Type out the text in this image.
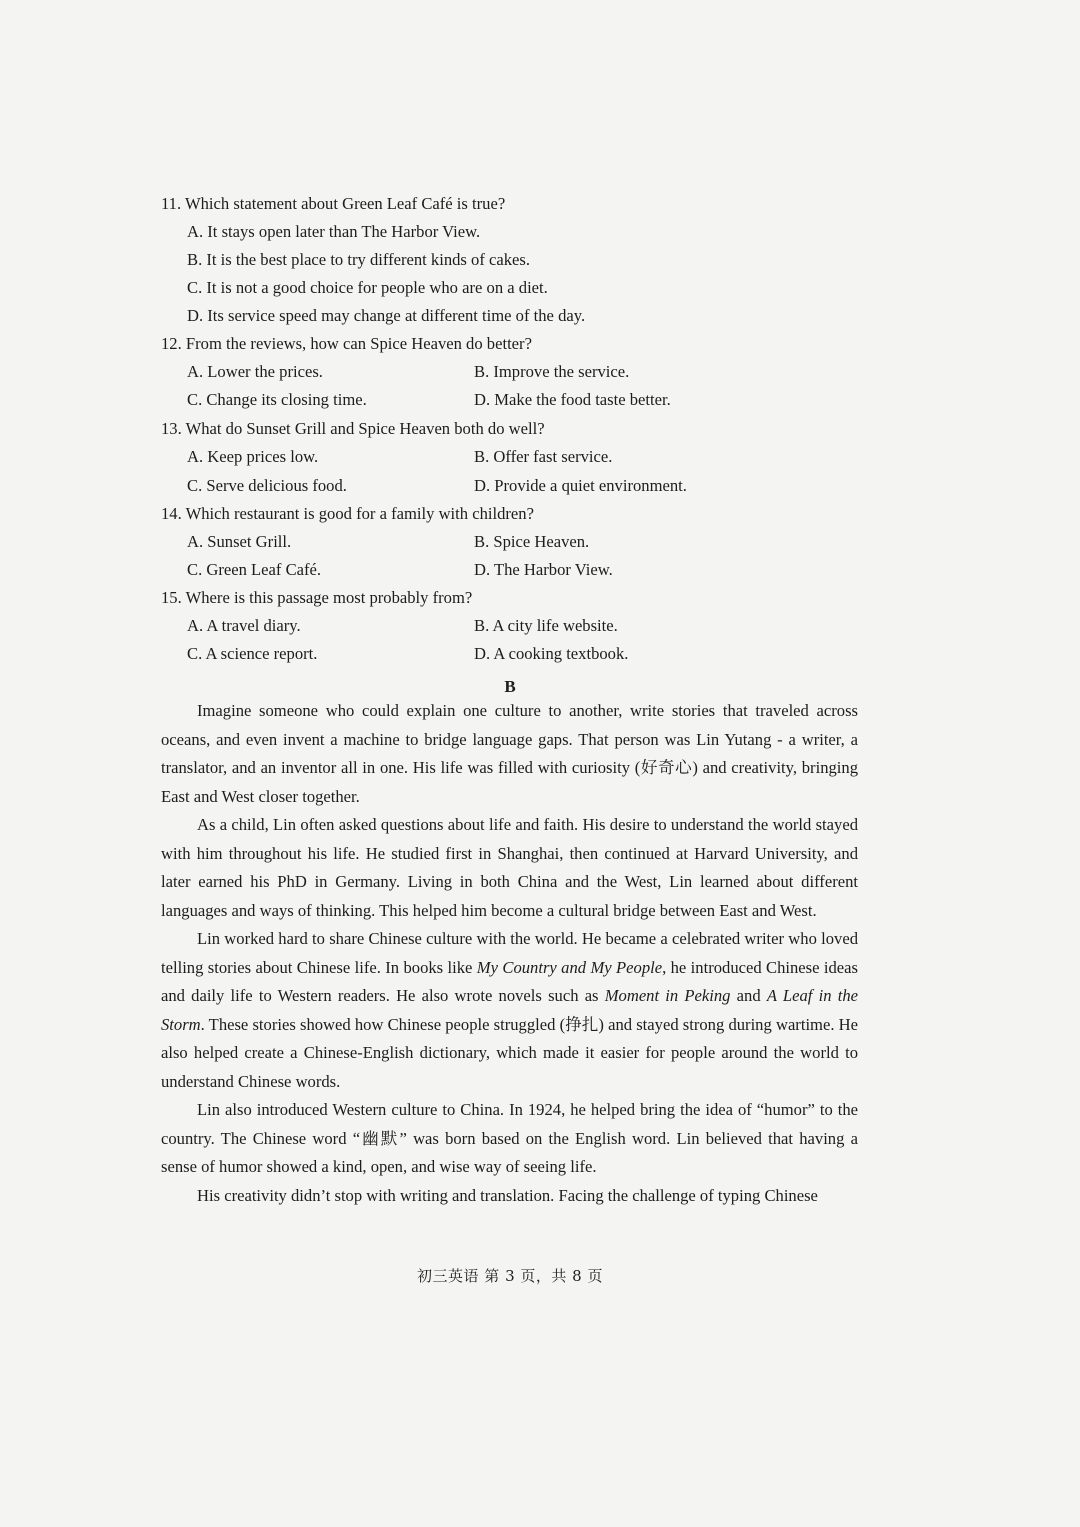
11. Which statement about Green Leaf Café is true?
A. It stays open later than The Harbor View.
B. It is the best place to try different kinds of cakes.
C. It is not a good choice for people who are on a diet.
D. Its service speed may change at different time of the day.
12. From the reviews, how can Spice Heaven do better?
A. Lower the prices.	B. Improve the service.
C. Change its closing time.	D. Make the food taste better.
13. What do Sunset Grill and Spice Heaven both do well?
A. Keep prices low.	B. Offer fast service.
C. Serve delicious food.	D. Provide a quiet environment.
14. Which restaurant is good for a family with children?
A. Sunset Grill.	B. Spice Heaven.
C. Green Leaf Café.	D. The Harbor View.
15. Where is this passage most probably from?
A. A travel diary.	B. A city life website.
C. A science report.	D. A cooking textbook.
B

Imagine someone who could explain one culture to another, write stories that traveled across oceans, and even invent a machine to bridge language gaps. That person was Lin Yutang - a writer, a translator, and an inventor all in one. His life was filled with curiosity (好奇心) and creativity, bringing East and West closer together.

As a child, Lin often asked questions about life and faith. His desire to understand the world stayed with him throughout his life. He studied first in Shanghai, then continued at Harvard University, and later earned his PhD in Germany. Living in both China and the West, Lin learned about different languages and ways of thinking. This helped him become a cultural bridge between East and West.

Lin worked hard to share Chinese culture with the world. He became a celebrated writer who loved telling stories about Chinese life. In books like My Country and My People, he introduced Chinese ideas and daily life to Western readers. He also wrote novels such as Moment in Peking and A Leaf in the Storm. These stories showed how Chinese people struggled (挣扎) and stayed strong during wartime. He also helped create a Chinese-English dictionary, which made it easier for people around the world to understand Chinese words.

Lin also introduced Western culture to China. In 1924, he helped bring the idea of “humor” to the country. The Chinese word “幽默” was born based on the English word. Lin believed that having a sense of humor showed a kind, open, and wise way of seeing life.

His creativity didn’t stop with writing and translation. Facing the challenge of typing Chinese

初三英语 第 3 页，共 8 页
